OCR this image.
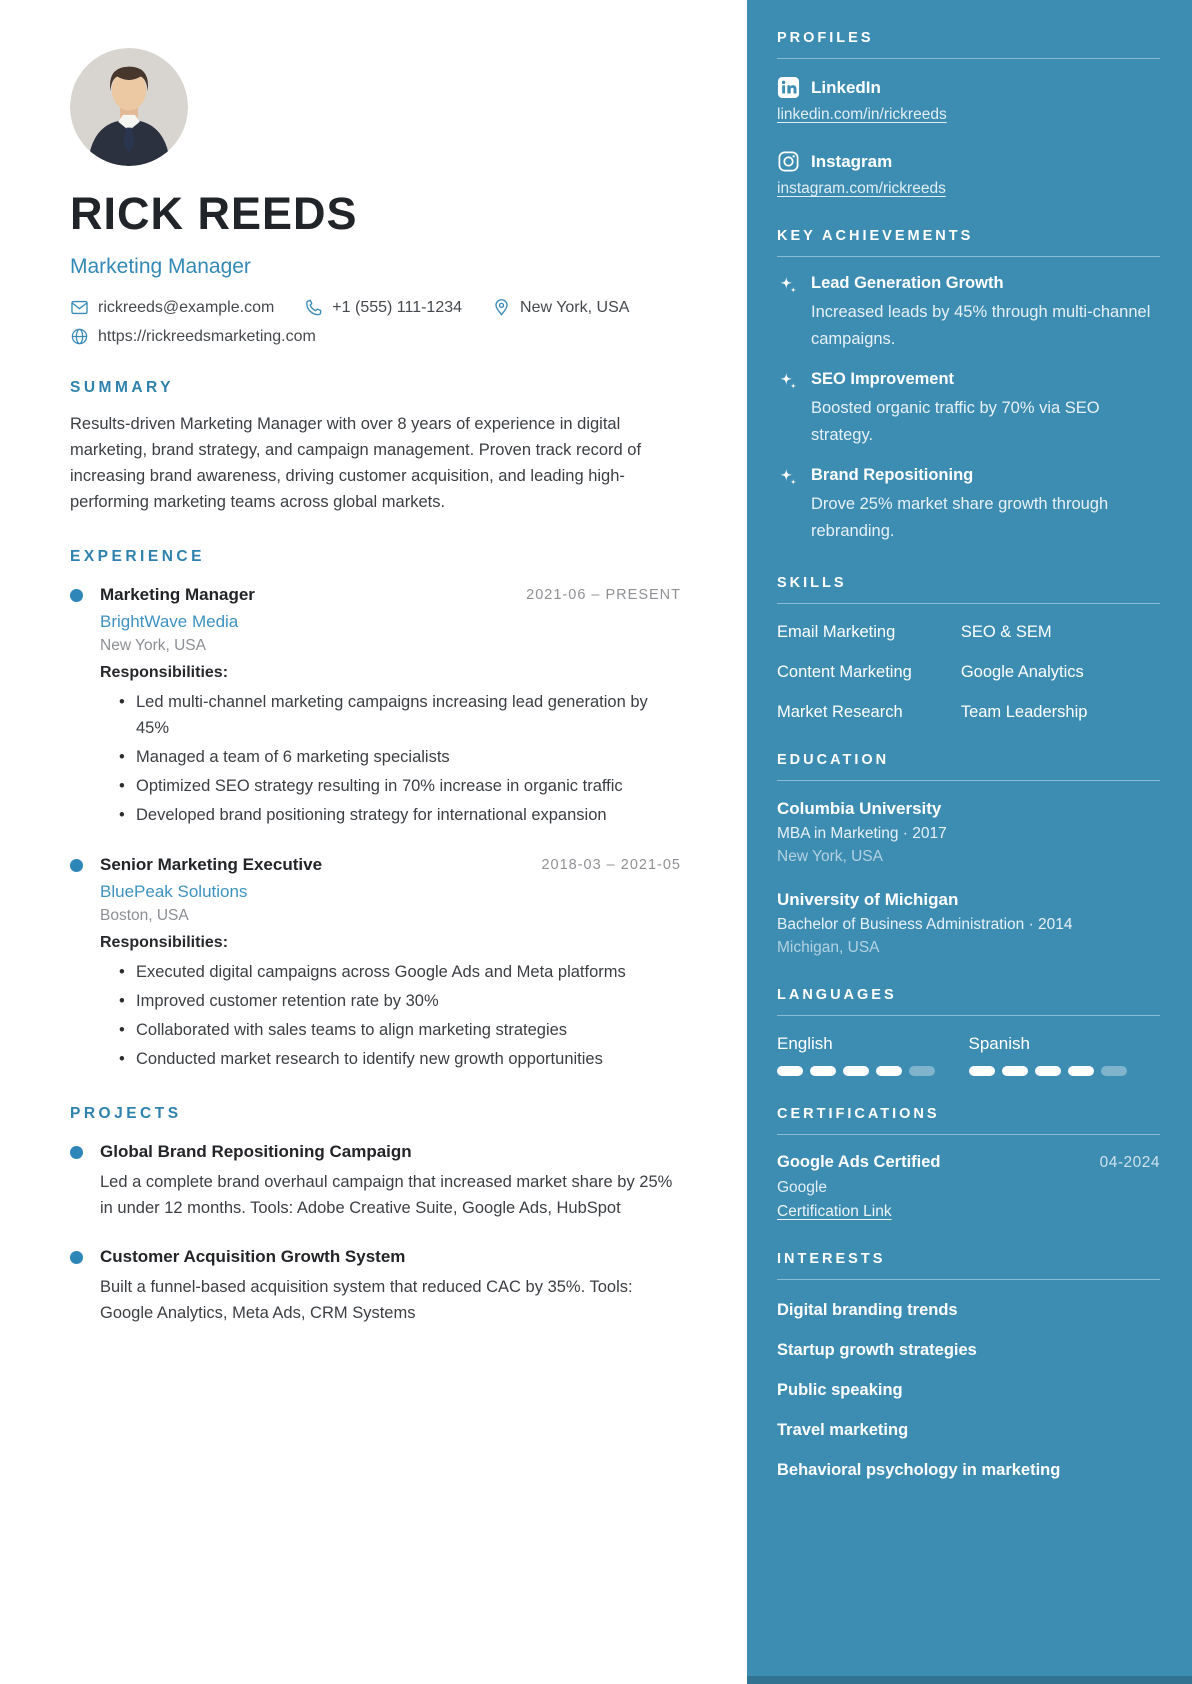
RICK REEDS
Marketing Manager
rickreeds@example.com	+1 (555) 111-1234	New York, USA
https://rickreedsmarketing.com
SUMMARY

Results-driven Marketing Manager with over 8 years of experience in digital marketing, brand strategy, and campaign management. Proven track record of increasing brand awareness, driving customer acquisition, and leading high-performing marketing teams across global markets.

EXPERIENCE
Marketing Manager	2021-06 – PRESENT
BrightWave Media
New York, USA
Responsibilities:
• Led multi-channel marketing campaigns increasing lead generation by 45%
• Managed a team of 6 marketing specialists
• Optimized SEO strategy resulting in 70% increase in organic traffic
• Developed brand positioning strategy for international expansion
Senior Marketing Executive	2018-03 – 2021-05
BluePeak Solutions
Boston, USA
Responsibilities:
• Executed digital campaigns across Google Ads and Meta platforms
• Improved customer retention rate by 30%
• Collaborated with sales teams to align marketing strategies
• Conducted market research to identify new growth opportunities
PROJECTS
Global Brand Repositioning Campaign

Led a complete brand overhaul campaign that increased market share by 25% in under 12 months. Tools: Adobe Creative Suite, Google Ads, HubSpot

Customer Acquisition Growth System

Built a funnel-based acquisition system that reduced CAC by 35%. Tools: Google Analytics, Meta Ads, CRM Systems

PROFILES
LinkedIn
linkedin.com/in/rickreeds
Instagram
instagram.com/rickreeds
KEY ACHIEVEMENTS
Lead Generation Growth
Increased leads by 45% through multi-channel campaigns.
SEO Improvement
Boosted organic traffic by 70% via SEO strategy.
Brand Repositioning
Drove 25% market share growth through rebranding.
SKILLS
Email Marketing	SEO & SEM
Content Marketing	Google Analytics
Market Research	Team Leadership
EDUCATION
Columbia University
MBA in Marketing · 2017
New York, USA
University of Michigan
Bachelor of Business Administration · 2014
Michigan, USA
LANGUAGES
English	Spanish
CERTIFICATIONS
Google Ads Certified	04-2024
Google
Certification Link
INTERESTS
Digital branding trends
Startup growth strategies
Public speaking
Travel marketing
Behavioral psychology in marketing
